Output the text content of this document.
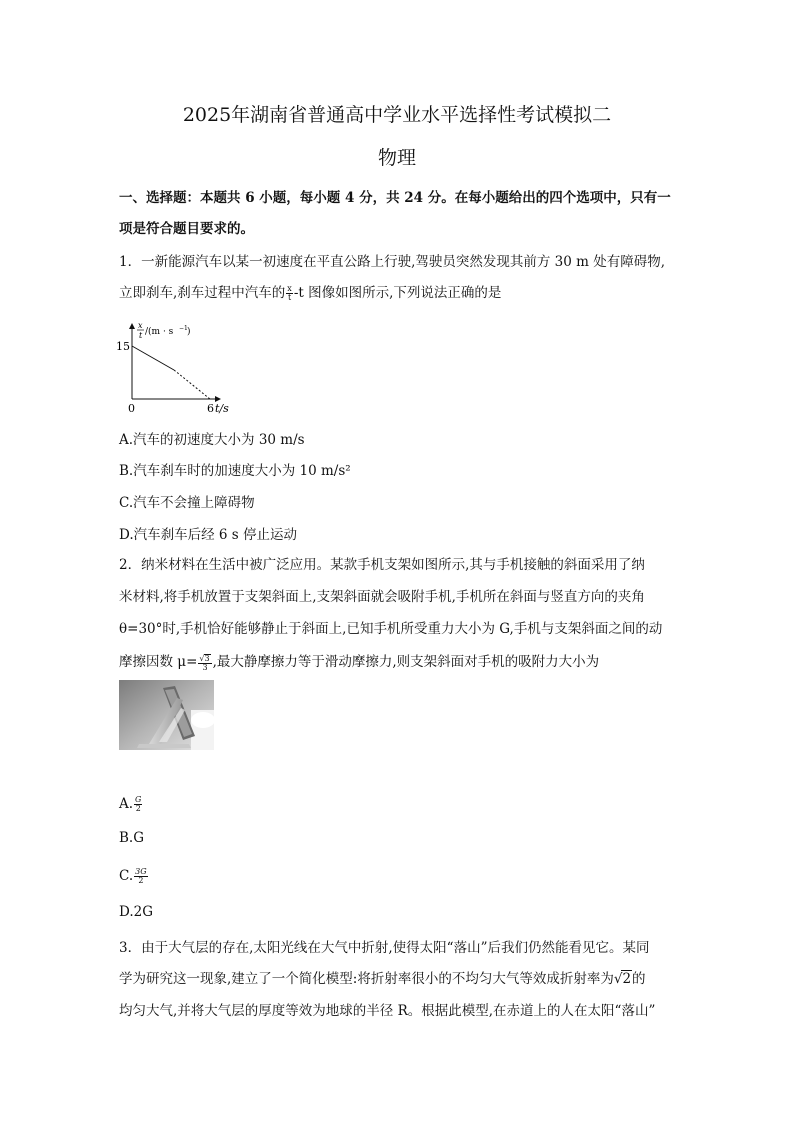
2025年湖南省普通高中学业水平选择性考试模拟二
物理
一、选择题：本题共 6 小题，每小题 4 分，共 24 分。在每小题给出的四个选项中，只有一
项是符合题目要求的。
1．一新能源汽车以某一初速度在平直公路上行驶,驾驶员突然发现其前方 30 m 处有障碍物,
立即刹车,刹车过程中汽车的 $\frac{x}{t} -t$ 图像如图所示,下列说法正确的是
15
0	6 t/s
x
t /(m · s −1 )
A.汽车的初速度大小为 30 m/s
B.汽车刹车时的加速度大小为 10 m/s²
C.汽车不会撞上障碍物
D.汽车刹车后经 6 s 停止运动
2．纳米材料在生活中被广泛应用。某款手机支架如图所示,其与手机接触的斜面采用了纳
米材料,将手机放置于支架斜面上,支架斜面就会吸附手机,手机所在斜面与竖直方向的夹角
θ=30°时,手机恰好能够静止于斜面上,已知手机所受重力大小为 G,手机与支架斜面之间的动
摩擦因数 $\mu= \frac{√3}{3}$ ,最大静摩擦力等于滑动摩擦力,则支架斜面对手机的吸附力大小为
A. $\frac{G}{2}$
B.G
C. $\frac{3G}{2}$
D.2G
3．由于大气层的存在,太阳光线在大气中折射,使得太阳“落山”后我们仍然能看见它。某同
学为研究这一现象,建立了一个简化模型:将折射率很小的不均匀大气等效成折射率为√2的
均匀大气,并将大气层的厚度等效为地球的半径 R。根据此模型,在赤道上的人在太阳“落山”
